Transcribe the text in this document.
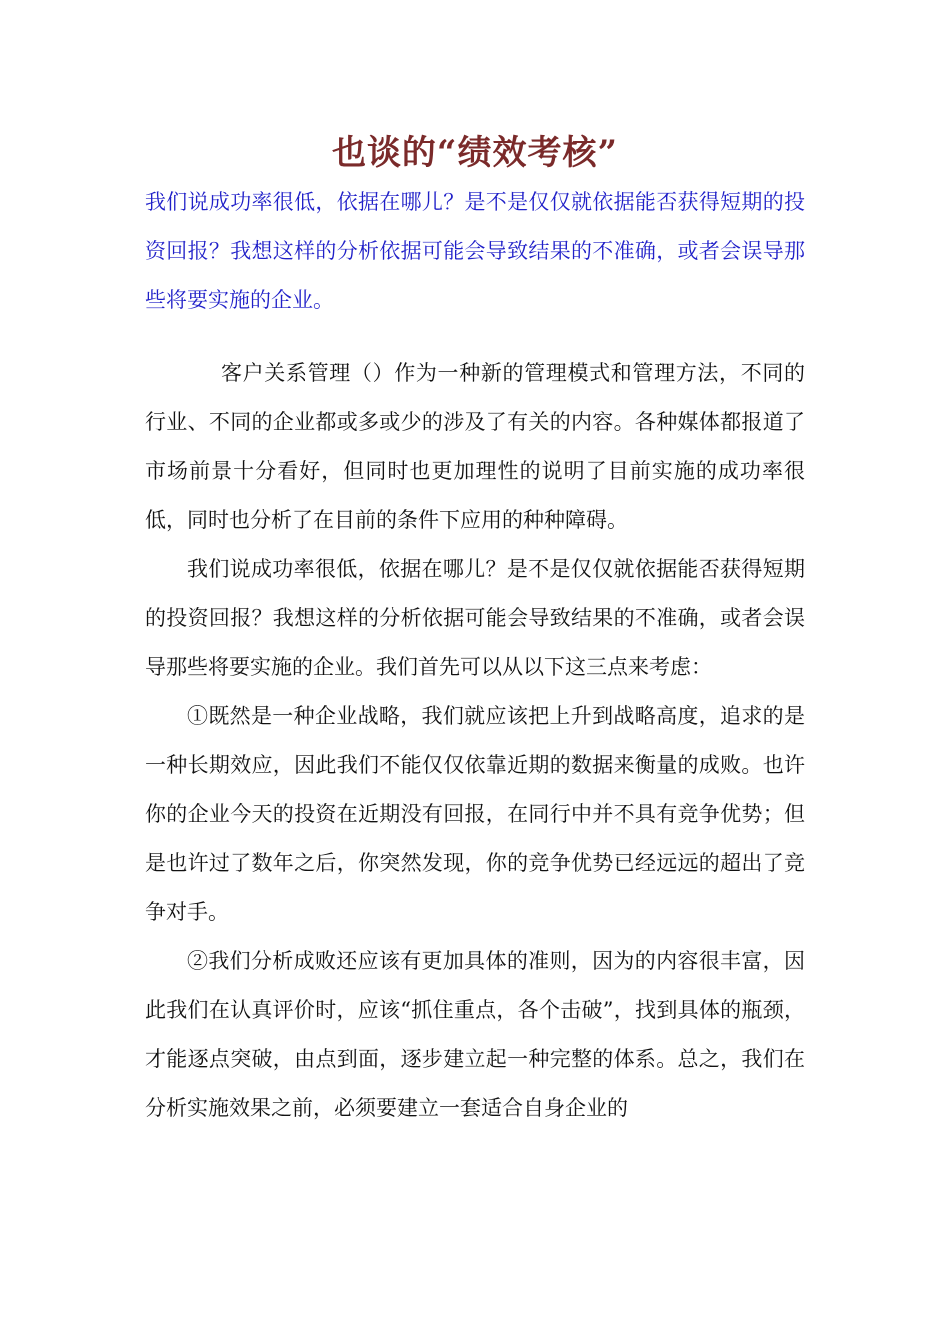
也谈的“绩效考核”

我们说成功率很低，依据在哪儿？是不是仅仅就依据能否获得短期的投资回报？我想这样的分析依据可能会导致结果的不准确，或者会误导那些将要实施的企业。

客户关系管理（）作为一种新的管理模式和管理方法，不同的行业、不同的企业都或多或少的涉及了有关的内容。各种媒体都报道了市场前景十分看好，但同时也更加理性的说明了目前实施的成功率很低，同时也分析了在目前的条件下应用的种种障碍。

我们说成功率很低，依据在哪儿？是不是仅仅就依据能否获得短期的投资回报？我想这样的分析依据可能会导致结果的不准确，或者会误导那些将要实施的企业。我们首先可以从以下这三点来考虑：

①既然是一种企业战略，我们就应该把上升到战略高度，追求的是一种长期效应，因此我们不能仅仅依靠近期的数据来衡量的成败。也许你的企业今天的投资在近期没有回报，在同行中并不具有竞争优势；但是也许过了数年之后，你突然发现，你的竞争优势已经远远的超出了竞争对手。

②我们分析成败还应该有更加具体的准则，因为的内容很丰富，因此我们在认真评价时，应该“抓住重点，各个击破”，找到具体的瓶颈，才能逐点突破，由点到面，逐步建立起一种完整的体系。总之，我们在分析实施效果之前，必须要建立一套适合自身企业的
